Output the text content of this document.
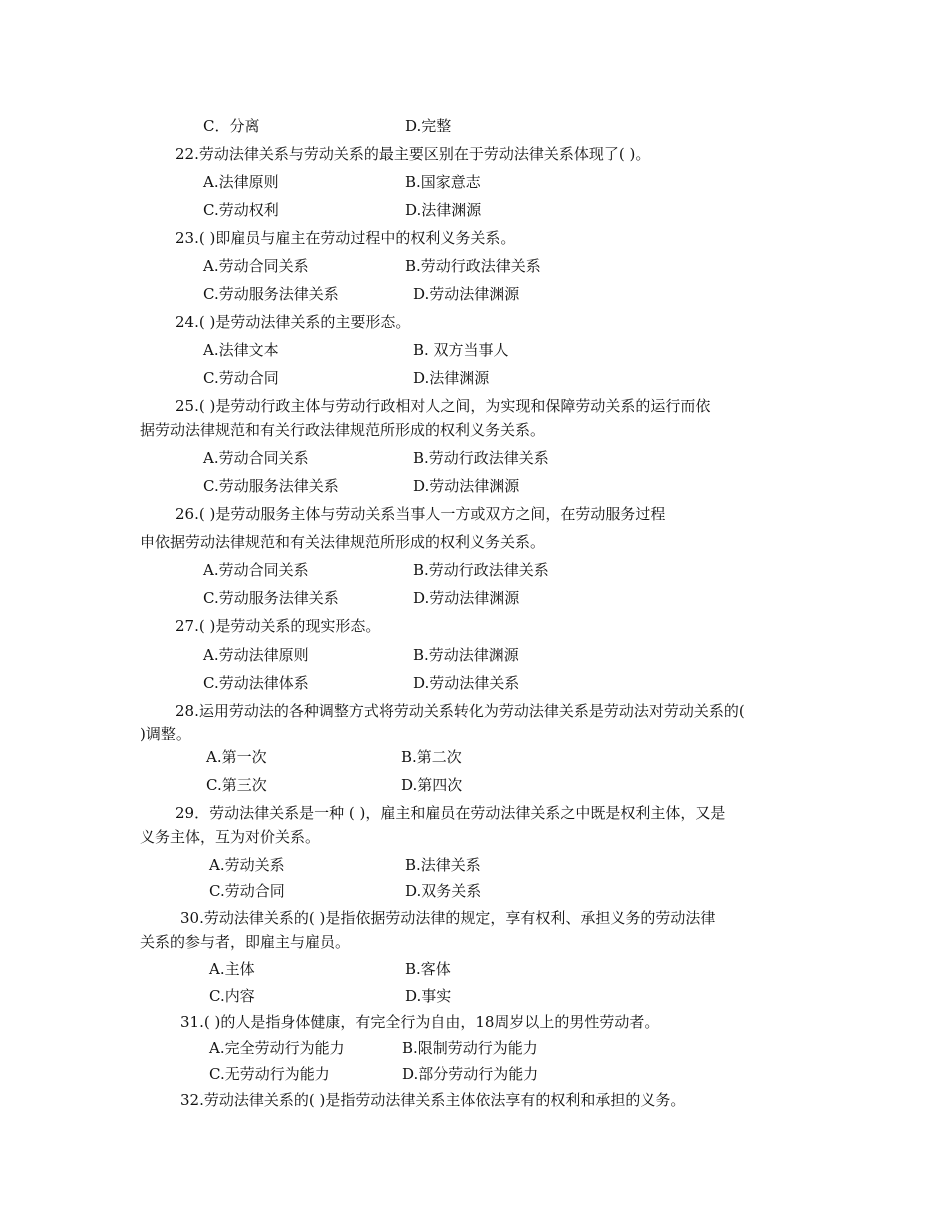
C．分离	D.完整
22.劳动法律关系与劳动关系的最主要区别在于劳动法律关系体现了( )。
A.法律原则	B.国家意志
C.劳动权利	D.法律渊源
23.( )即雇员与雇主在劳动过程中的权利义务关系。
A.劳动合同关系	B.劳动行政法律关系
C.劳动服务法律关系	D.劳动法律渊源
24.( )是劳动法律关系的主要形态。
A.法律文本	B. 双方当事人
C.劳动合同	D.法律渊源
25.( )是劳动行政主体与劳动行政相对人之间，为实现和保障劳动关系的运行而依
据劳动法律规范和有关行政法律规范所形成的权利义务关系。
A.劳动合同关系	B.劳动行政法律关系
C.劳动服务法律关系	D.劳动法律渊源
26.( )是劳动服务主体与劳动关系当事人一方或双方之间，在劳动服务过程
申依据劳动法律规范和有关法律规范所形成的权利义务关系。
A.劳动合同关系	B.劳动行政法律关系
C.劳动服务法律关系	D.劳动法律渊源
27.( )是劳动关系的现实形态。
A.劳动法律原则	B.劳动法律渊源
C.劳动法律体系	D.劳动法律关系
28.运用劳动法的各种调整方式将劳动关系转化为劳动法律关系是劳动法对劳动关系的(
)调整。
A.第一次	B.第二次
C.第三次	D.第四次
29．劳动法律关系是一种 ( )，雇主和雇员在劳动法律关系之中既是权利主体，又是
义务主体，互为对价关系。
A.劳动关系	B.法律关系
C.劳动合同	D.双务关系
30.劳动法律关系的( )是指依据劳动法律的规定，享有权利、承担义务的劳动法律
关系的参与者，即雇主与雇员。
A.主体	B.客体
C.内容	D.事实
31.( )的人是指身体健康，有完全行为自由，18周岁以上的男性劳动者。
A.完全劳动行为能力	B.限制劳动行为能力
C.无劳动行为能力	D.部分劳动行为能力
32.劳动法律关系的( )是指劳动法律关系主体依法享有的权利和承担的义务。
